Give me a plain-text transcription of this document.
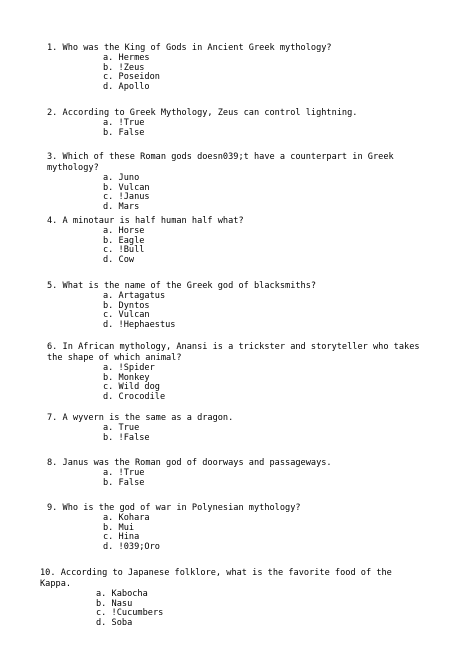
1. Who was the King of Gods in Ancient Greek mythology?
a. Hermes
b. !Zeus
c. Poseidon
d. Apollo
2. According to Greek Mythology, Zeus can control lightning.
a. !True
b. False
3. Which of these Roman gods doesn039;t have a counterpart in Greek mythology?
a. Juno
b. Vulcan
c. !Janus
d. Mars
4. A minotaur is half human half what?
a. Horse
b. Eagle
c. !Bull
d. Cow
5. What is the name of the Greek god of blacksmiths?
a. Artagatus
b. Dyntos
c. Vulcan
d. !Hephaestus
6. In African mythology, Anansi is a trickster and storyteller who takes the shape of which animal?
a. !Spider
b. Monkey
c. Wild dog
d. Crocodile
7. A wyvern is the same as a dragon.
a. True
b. !False
8. Janus was the Roman god of doorways and passageways.
a. !True
b. False
9. Who is the god of war in Polynesian mythology?
a. Kohara
b. Mui
c. Hina
d. !039;Oro
10. According to Japanese folklore, what is the favorite food of the Kappa.
a. Kabocha
b. Nasu
c. !Cucumbers
d. Soba
